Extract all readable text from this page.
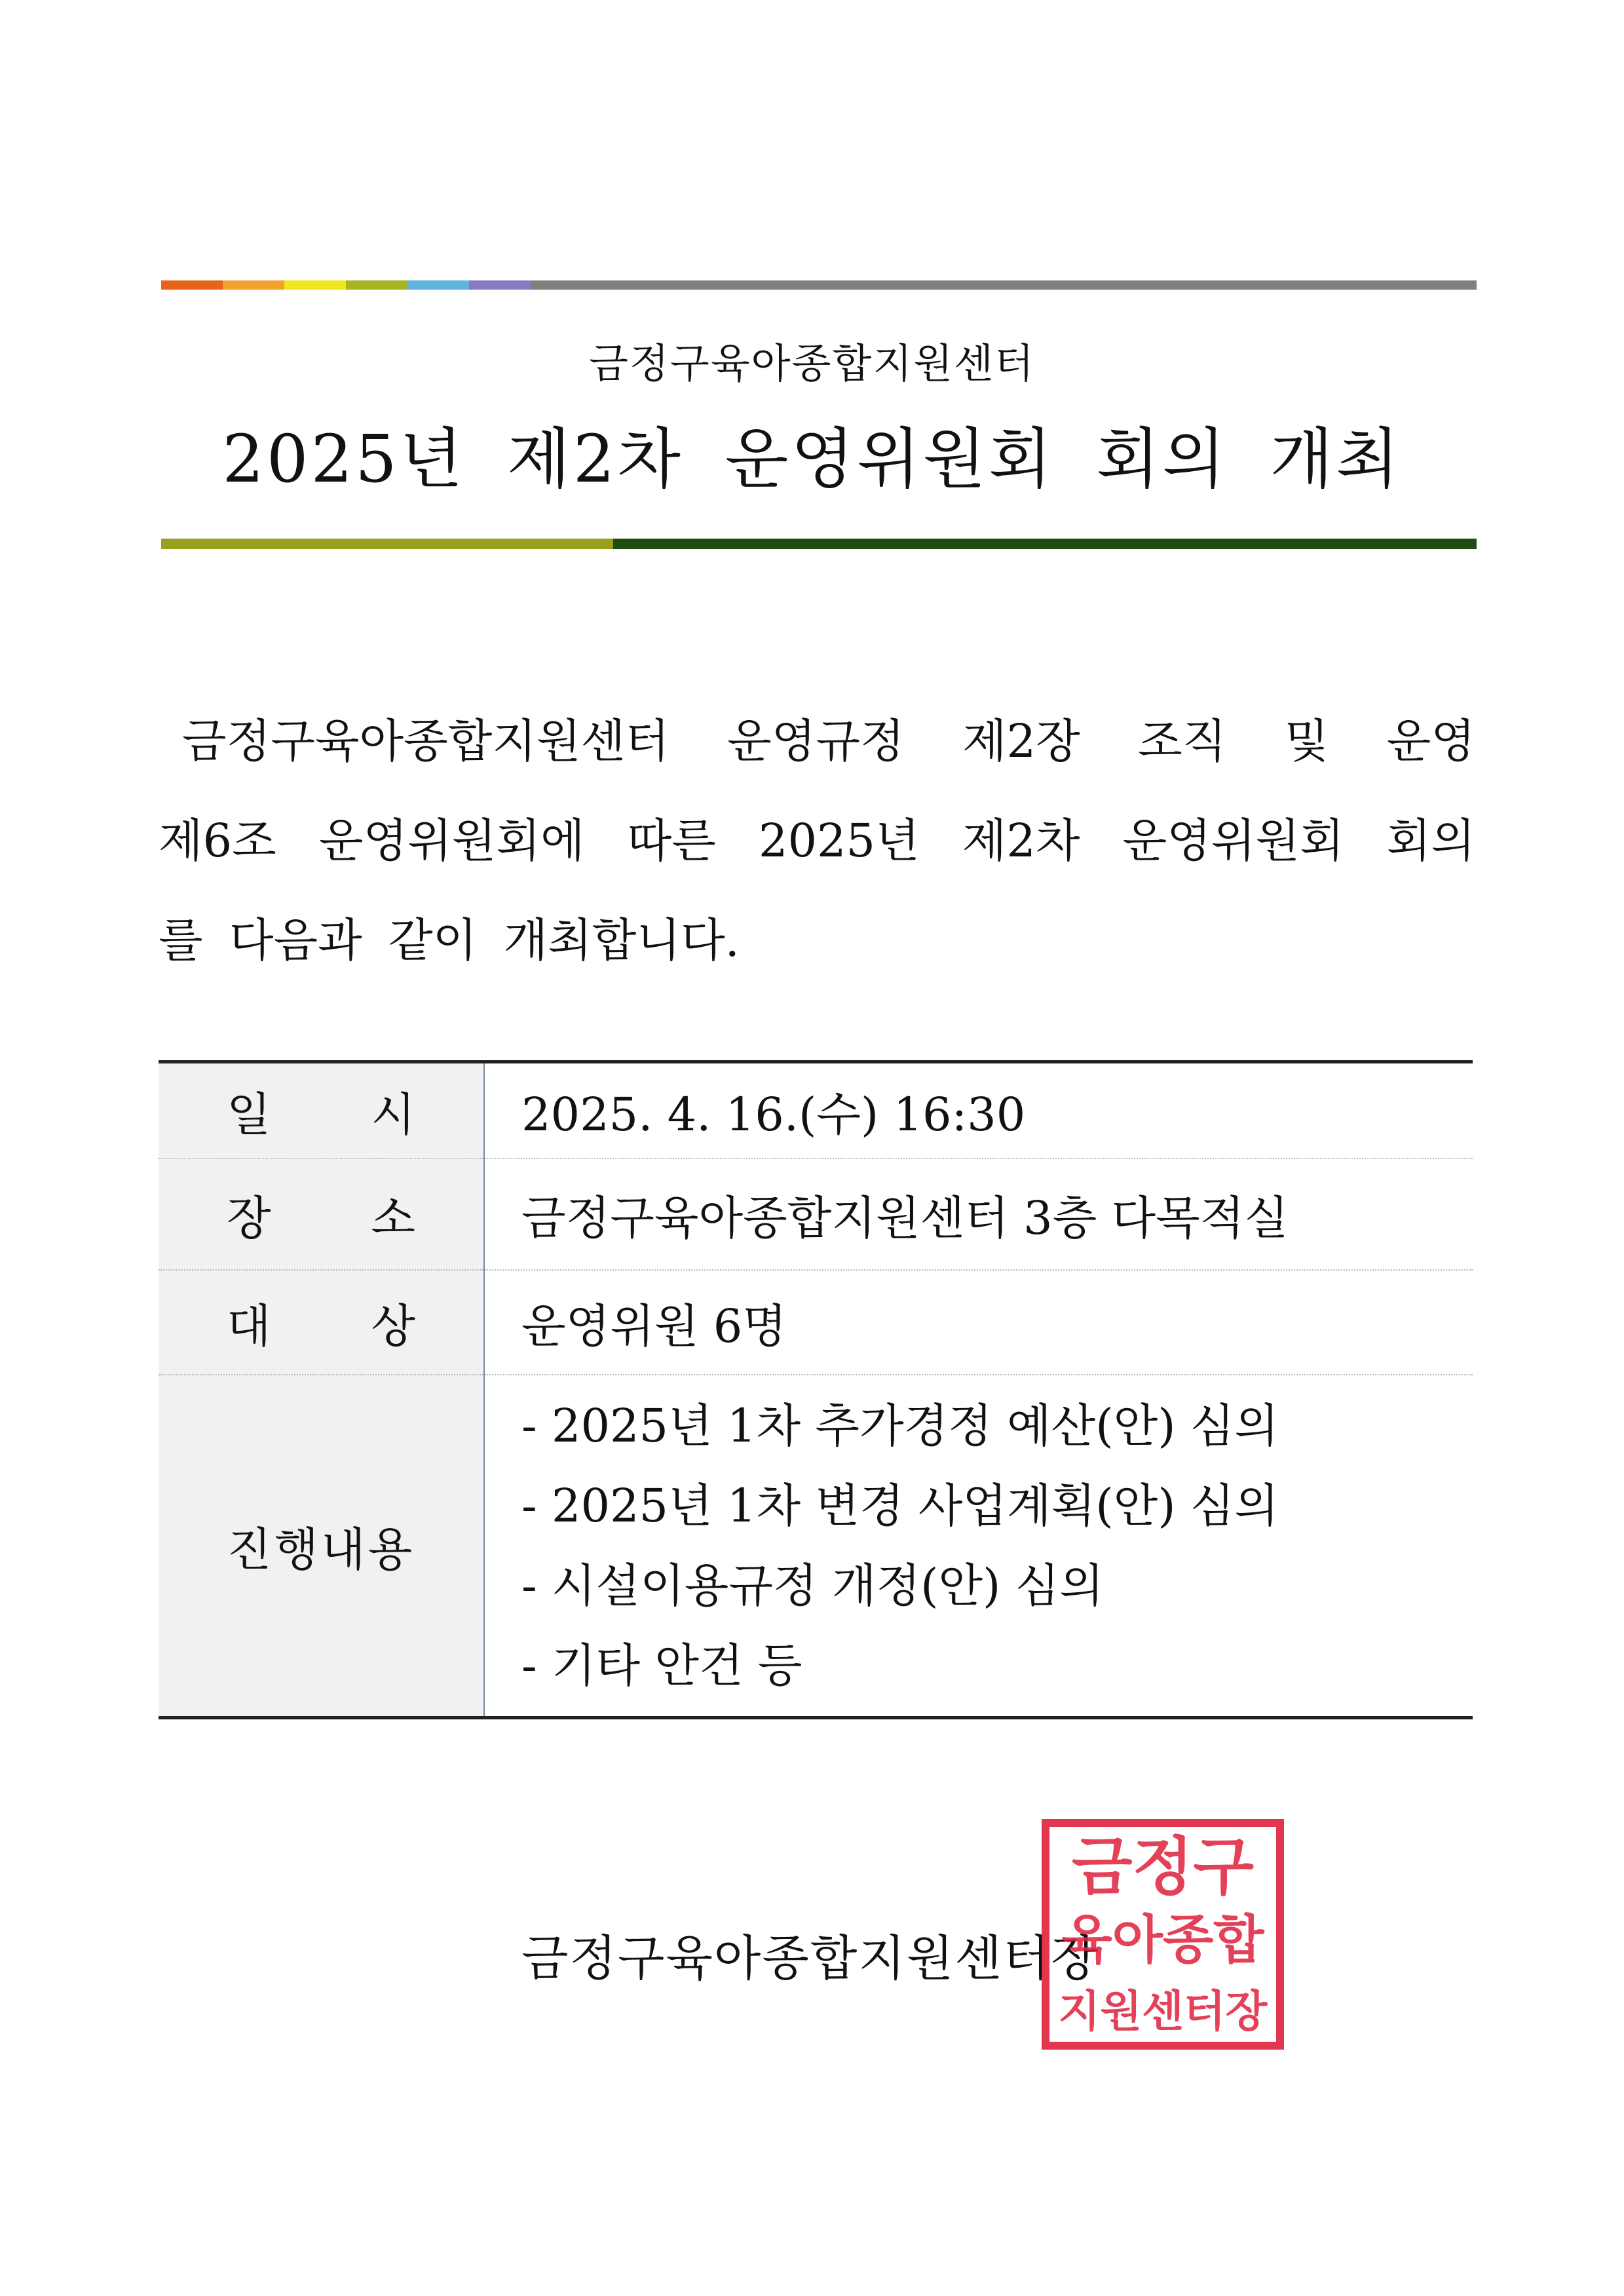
금정구육아종합지원센터
2025년 제2차 운영위원회 회의 개최
금정구육아종합지원센터 운영규정 제2장 조직 및 운영
제6조 운영위원회에 따른 2025년 제2차 운영위원회 회의
를 다음과 같이 개최합니다.
일 시	2025. 4. 16.(수) 16:30

장 소	금정구육아종합지원센터 3층 다목적실

대 상	운영위원 6명

진행내용	- 2025년 1차 추가경정 예산(안) 심의
- 2025년 1차 변경 사업계획(안) 심의
- 시설이용규정 개정(안) 심의
- 기타 안건 등
금정구육아종합지원센터장
금정구
육아종합
지원센터장
